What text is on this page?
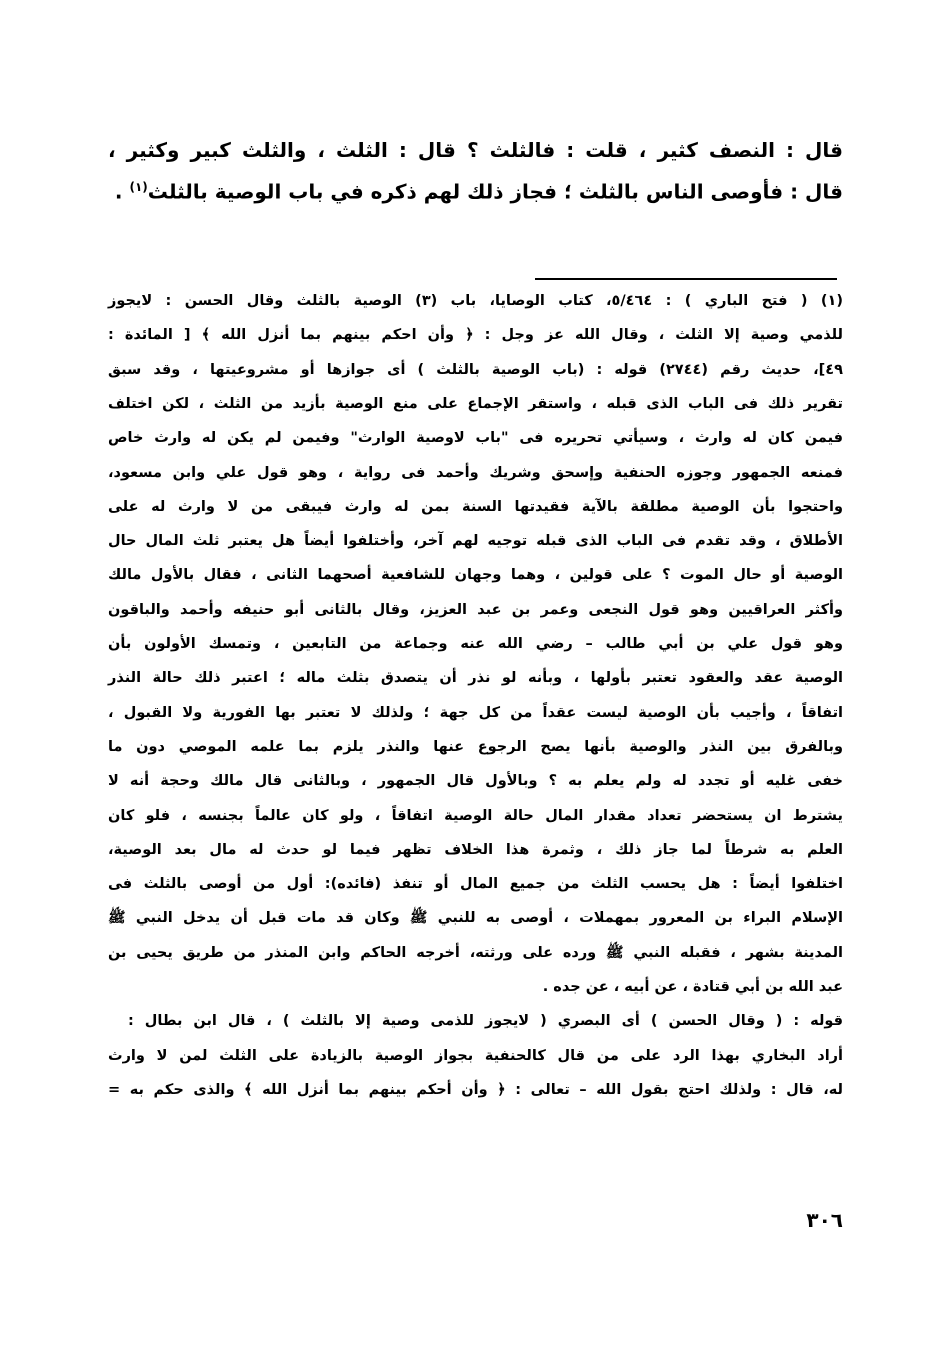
قال : النصف كثير ، قلت : فالثلث ؟ قال : الثلث ، والثلث كبير وكثير ،
قال : فأوصى الناس بالثلث ؛ فجاز ذلك لهم ذكره في باب الوصية بالثلث$^{(١)}$ .
(١) ( فتح الباري ) : ٥/٤٦٤، كتاب الوصايا، باب (٣) الوصية بالثلث وقال الحسن : لايجوز
للذمي وصية إلا الثلث ، وقال الله عز وجل : ﴿ وأن احكم بينهم بما أنزل الله ﴾ [ المائدة :
٤٩]، حديث رقم (٢٧٤٤) قوله : (باب الوصية بالثلث ) أى جوازها أو مشروعيتها ، وقد سبق
تقرير ذلك فى الباب الذى قبله ، واستقر الإجماع على منع الوصية بأزيد من الثلث ، لكن اختلف
فيمن كان له وارث ، وسيأتي تحريره فى "باب لاوصية الوارث" وفيمن لم يكن له وارث خاص
فمنعه الجمهور وجوزه الحنفية وإسحق وشريك وأحمد فى رواية ، وهو قول علي وابن مسعود،
واحتجوا بأن الوصية مطلقة بالآية فقيدتها السنة بمن له وارث فيبقى من لا وارث له على
الأطلاق ، وقد تقدم فى الباب الذى قبله توجيه لهم آخر، وأختلفوا أيضاً هل يعتبر ثلث المال حال
الوصية أو حال الموت ؟ على قولين ، وهما وجهان للشافعية أصحهما الثانى ، فقال بالأول مالك
وأكثر العراقيين وهو قول النجعى وعمر بن عبد العزيز، وقال بالثانى أبو حنيفه وأحمد والباقون
وهو قول علي بن أبي طالب – رضي الله عنه وجماعة من التابعين ، وتمسك الأولون بأن
الوصية عقد والعقود تعتبر بأولها ، وبأنه لو نذر أن يتصدق بثلث ماله ؛ اعتبر ذلك حالة النذر
اتفاقاً ، وأجيب بأن الوصية ليست عقداً من كل جهة ؛ ولذلك لا تعتبر بها الفورية ولا القبول ،
وبالفرق بين النذر والوصية بأنها يصح الرجوع عنها والنذر يلزم بما علمه الموصي دون ما
خفى غليه أو تجدد له ولم يعلم به ؟ وبالأول قال الجمهور ، وبالثانى قال مالك وحجة أنه لا
يشترط ان يستحضر تعداد مقدار المال حالة الوصية اتفاقاً ، ولو كان عالماً بجنسه ، فلو كان
العلم به شرطاً لما جاز ذلك ، وثمرة هذا الخلاف تظهر فيما لو حدث له مال بعد الوصية،
اختلفوا أيضاً : هل يحسب الثلث من جميع المال أو تنفذ (فائده): أول من أوصى بالثلث فى
الإسلام البراء بن المعرور بمهملات ، أوصى به للنبي ﷺ وكان قد مات قبل أن يدخل النبي ﷺ
المدينة بشهر ، فقبله النبي ﷺ ورده على ورثته، أخرجه الحاكم وابن المنذر من طريق يحيى بن
عبد الله بن أبي قتادة ، عن أبيه ، عن جده .
قوله : ( وقال الحسن ) أى البصري ( لايجوز للذمى وصية إلا بالثلث ) ، قال ابن بطال :
أراد البخاري بهذا الرد على من قال كالحنفية بجواز الوصية بالزيادة على الثلث لمن لا وارث
له، قال : ولذلك احتج بقول الله – تعالى : ﴿ وأن أحكم بينهم بما أنزل الله ﴾ والذى حكم به =
٣٠٦
